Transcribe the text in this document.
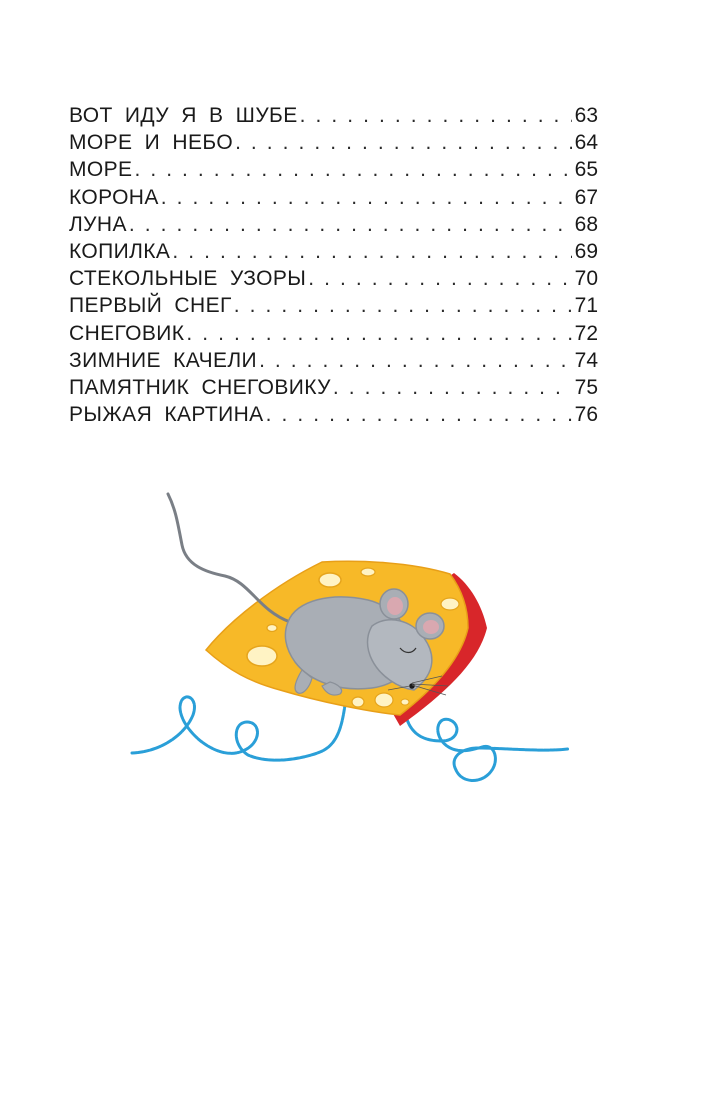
ВОТ ИДУ Я В ШУБЕ . . .	63
МОРЕ И НЕБО . . .	64
МОРЕ . . .	65
КОРОНА . . .	67
ЛУНА . . .	68
КОПИЛКА . . .	69
СТЕКОЛЬНЫЕ УЗОРЫ . . .	70
ПЕРВЫЙ СНЕГ . . .	71
СНЕГОВИК . . .	72
ЗИМНИЕ КАЧЕЛИ . . .	74
ПАМЯТНИК СНЕГОВИКУ . . .	75
РЫЖАЯ КАРТИНА . . .	76
